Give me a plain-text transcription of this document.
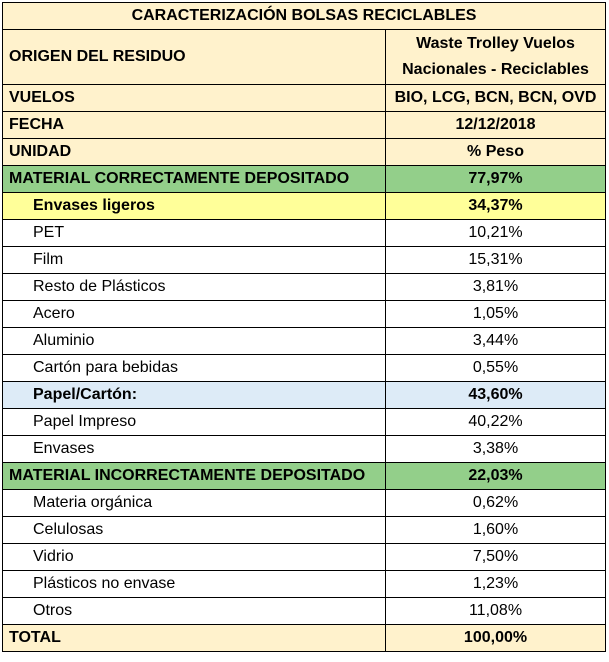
CARACTERIZACIÓN BOLSAS RECICLABLES	
ORIGEN DEL RESIDUO	Waste Trolley Vuelos Nacionales - Reciclables
VUELOS	BIO, LCG, BCN, BCN, OVD
FECHA	12/12/2018
UNIDAD	% Peso
MATERIAL CORRECTAMENTE DEPOSITADO	77,97%
Envases ligeros	34,37%
PET	10,21%
Film	15,31%
Resto de Plásticos	3,81%
Acero	1,05%
Aluminio	3,44%
Cartón para bebidas	0,55%
Papel/Cartón:	43,60%
Papel Impreso	40,22%
Envases	3,38%
MATERIAL INCORRECTAMENTE DEPOSITADO	22,03%
Materia orgánica	0,62%
Celulosas	1,60%
Vidrio	7,50%
Plásticos no envase	1,23%
Otros	11,08%
TOTAL	100,00%
